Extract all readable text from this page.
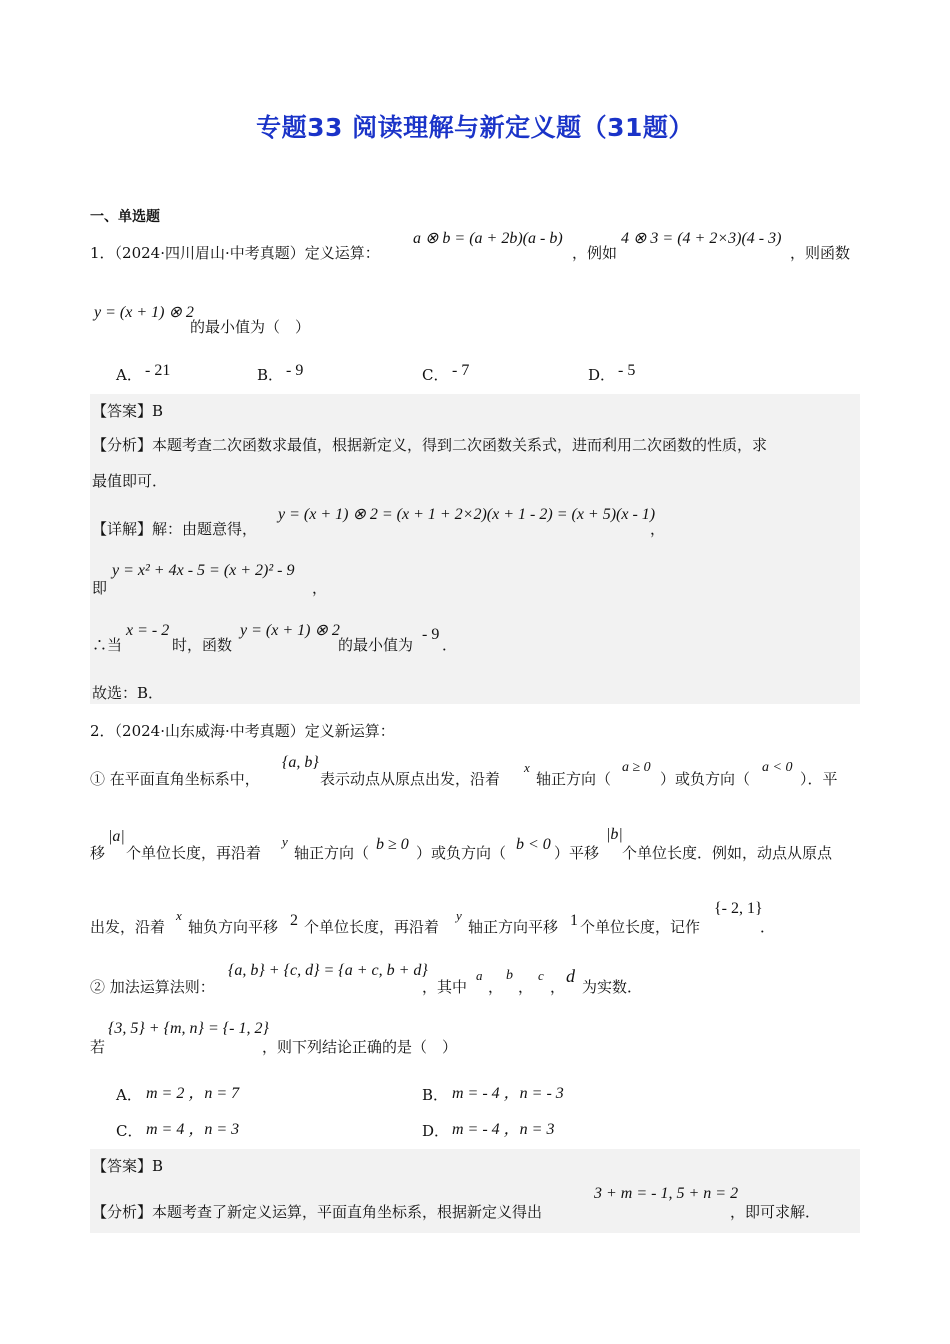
专题33 阅读理解与新定义题（31题）
一、单选题
1．（2024·四川眉山·中考真题）定义运算：
a ⊗ b = (a + 2b)(a - b)
，例如
4 ⊗ 3 = (4 + 2×3)(4 - 3)
，则函数
y = (x + 1) ⊗ 2
的最小值为（　）
A． - 21	B． - 9	C． - 7	D． - 5
【答案】B
【分析】本题考查二次函数求最值，根据新定义，得到二次函数关系式，进而利用二次函数的性质，求
最值即可．
【详解】解：由题意得，
y = (x + 1) ⊗ 2 = (x + 1 + 2×2)(x + 1 - 2) = (x + 5)(x - 1)
，
即
y = x² + 4x - 5 = (x + 2)² - 9
，
∴当
x = - 2
时，函数
y = (x + 1) ⊗ 2
的最小值为
- 9
．
故选：B．
2．（2024·山东威海·中考真题）定义新运算：
① 在平面直角坐标系中，
{a, b}
表示动点从原点出发，沿着
x
轴正方向（
a ≥ 0
）或负方向（
a < 0
）．平
移
|a|
个单位长度，再沿着
y
轴正方向（ b ≥ 0 ）或负方向（ b < 0 ）平移
|b|
个单位长度．例如，动点从原点
出发，沿着
x
轴负方向平移 2 个单位长度，再沿着
y
轴正方向平移 1 个单位长度，记作
{- 2, 1}
．
② 加法运算法则：
{a, b} + {c, d} = {a + c, b + d}
，其中
a
，
b
，
c
，
d
为实数．
若
{3, 5} + {m, n} = {- 1, 2}
，则下列结论正确的是（　）
A． m = 2 ，n = 7	B． m = - 4 ，n = - 3
C． m = 4 ，n = 3	D． m = - 4 ，n = 3
【答案】B
【分析】本题考查了新定义运算，平面直角坐标系，根据新定义得出
3 + m = - 1, 5 + n = 2
，即可求解．
